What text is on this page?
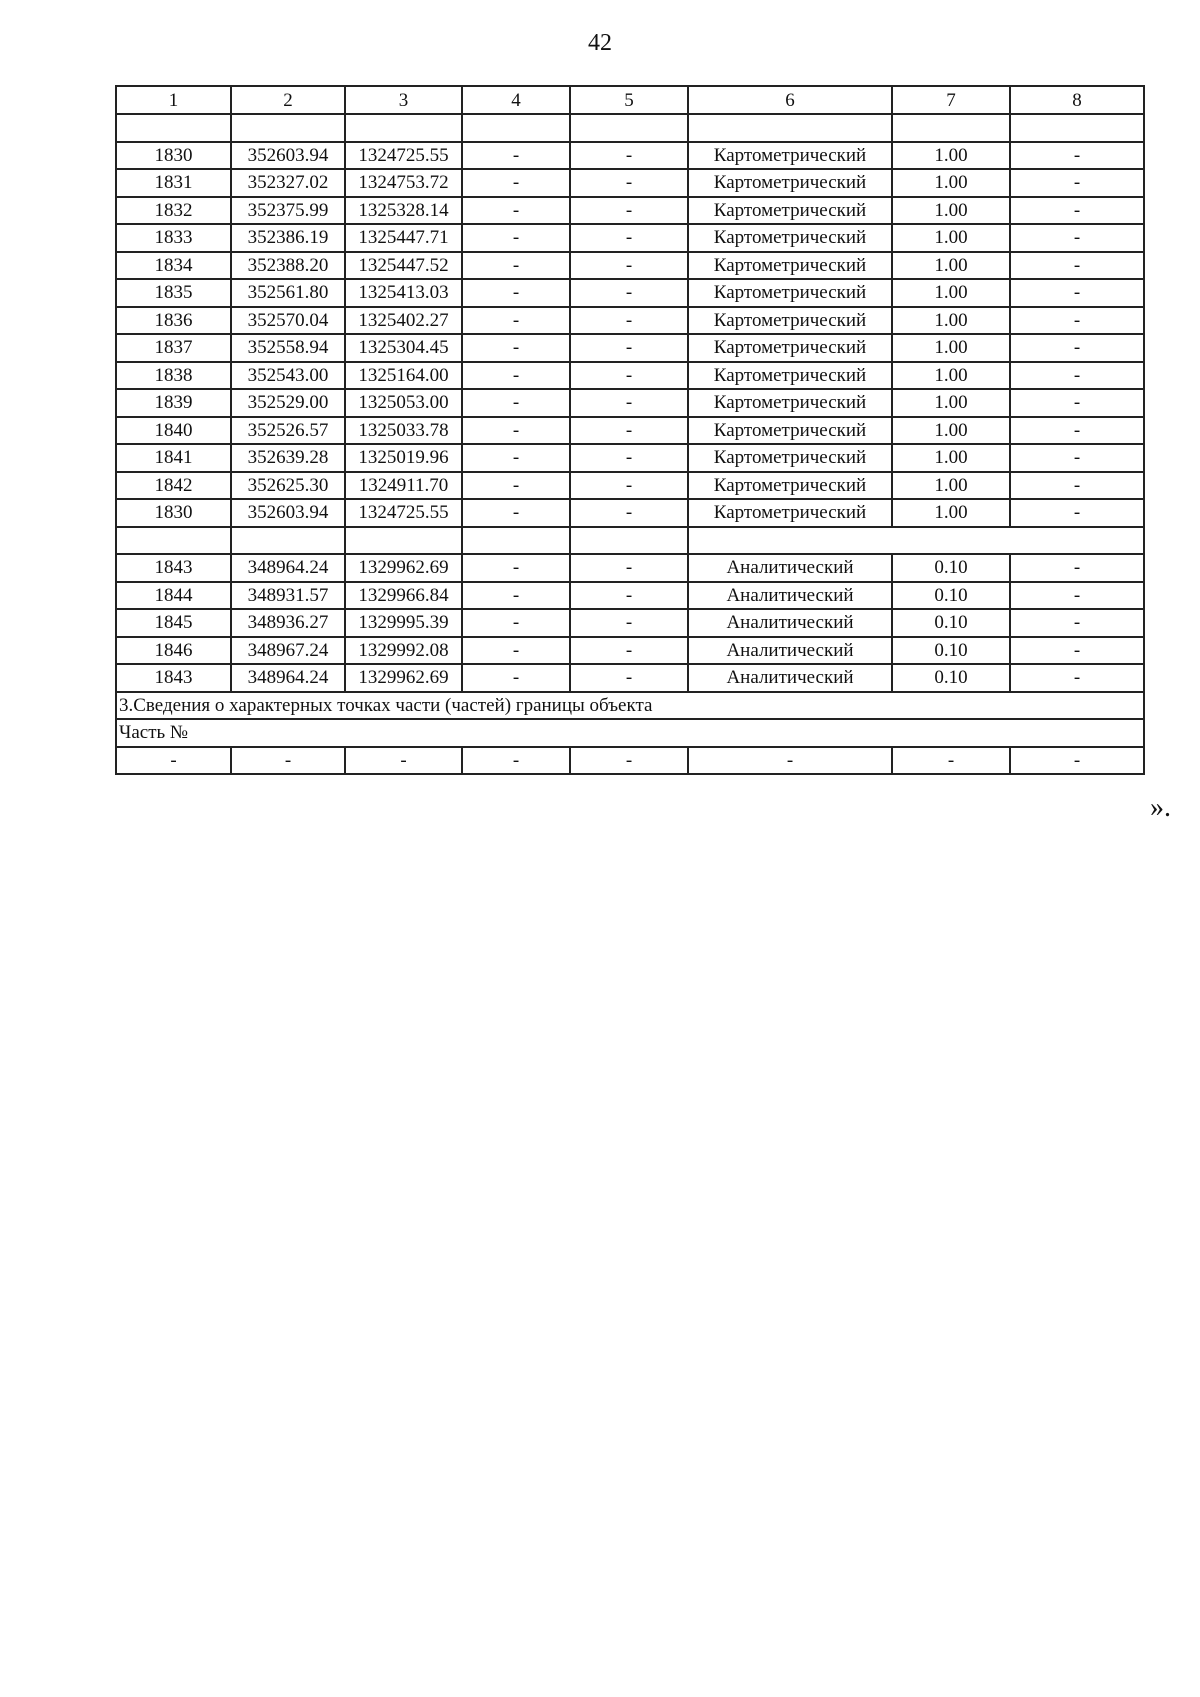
42
1	2	3	4	5	6	7	8

1830	352603.94	1324725.55	-	-	Картометрический	1.00	-
1831	352327.02	1324753.72	-	-	Картометрический	1.00	-
1832	352375.99	1325328.14	-	-	Картометрический	1.00	-
1833	352386.19	1325447.71	-	-	Картометрический	1.00	-
1834	352388.20	1325447.52	-	-	Картометрический	1.00	-
1835	352561.80	1325413.03	-	-	Картометрический	1.00	-
1836	352570.04	1325402.27	-	-	Картометрический	1.00	-
1837	352558.94	1325304.45	-	-	Картометрический	1.00	-
1838	352543.00	1325164.00	-	-	Картометрический	1.00	-
1839	352529.00	1325053.00	-	-	Картометрический	1.00	-
1840	352526.57	1325033.78	-	-	Картометрический	1.00	-
1841	352639.28	1325019.96	-	-	Картометрический	1.00	-
1842	352625.30	1324911.70	-	-	Картометрический	1.00	-
1830	352603.94	1324725.55	-	-	Картометрический	1.00	-

1843	348964.24	1329962.69	-	-	Аналитический	0.10	-
1844	348931.57	1329966.84	-	-	Аналитический	0.10	-
1845	348936.27	1329995.39	-	-	Аналитический	0.10	-
1846	348967.24	1329992.08	-	-	Аналитический	0.10	-
1843	348964.24	1329962.69	-	-	Аналитический	0.10	-
3.Сведения о характерных точках части (частей) границы объекта							
Часть №							
-	-	-	-	-	-	-	-
».
